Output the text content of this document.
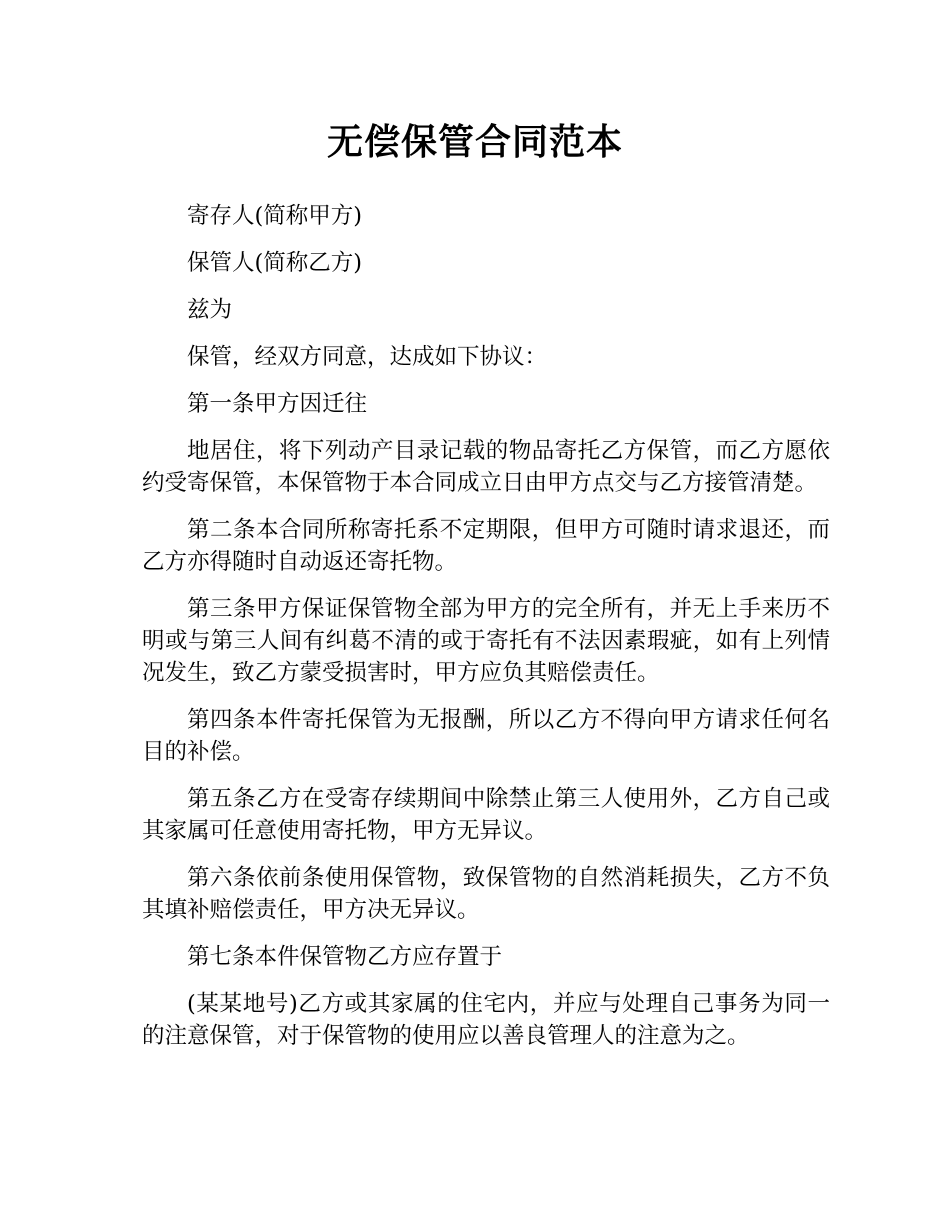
无偿保管合同范本

寄存人(简称甲方)

保管人(简称乙方)

兹为

保管，经双方同意，达成如下协议：

第一条甲方因迁往

地居住，将下列动产目录记载的物品寄托乙方保管，而乙方愿依约受寄保管，本保管物于本合同成立日由甲方点交与乙方接管清楚。

第二条本合同所称寄托系不定期限，但甲方可随时请求退还，而乙方亦得随时自动返还寄托物。

第三条甲方保证保管物全部为甲方的完全所有，并无上手来历不明或与第三人间有纠葛不清的或于寄托有不法因素瑕疵，如有上列情况发生，致乙方蒙受损害时，甲方应负其赔偿责任。

第四条本件寄托保管为无报酬，所以乙方不得向甲方请求任何名目的补偿。

第五条乙方在受寄存续期间中除禁止第三人使用外，乙方自己或其家属可任意使用寄托物，甲方无异议。

第六条依前条使用保管物，致保管物的自然消耗损失，乙方不负其填补赔偿责任，甲方决无异议。

第七条本件保管物乙方应存置于

(某某地号)乙方或其家属的住宅内，并应与处理自己事务为同一的注意保管，对于保管物的使用应以善良管理人的注意为之。
